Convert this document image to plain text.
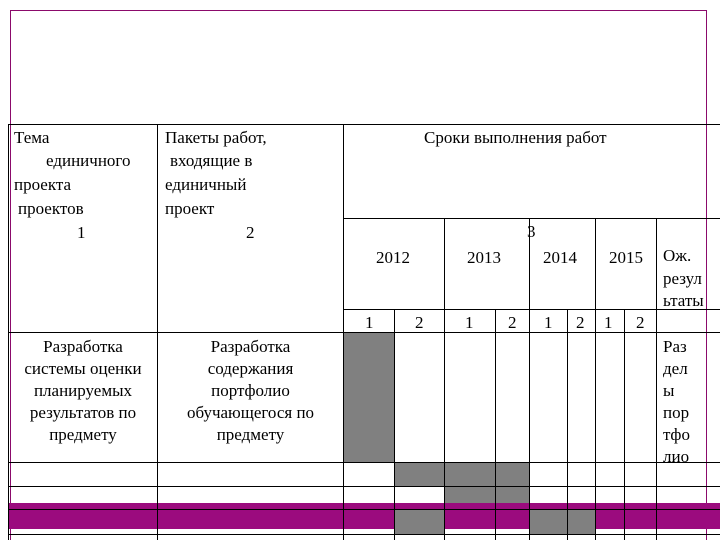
Тема
единичного
проекта
проектов
1
Пакеты работ,
входящие в
единичный
проект
2
Сроки выполнения работ
3
2012	2013 2014 2015 Ож.
резул
ьтаты
1 2 1 2 1 2 1 2
Разработка
системы оценки
планируемых
результатов по
предмету
Разработка
содержания
портфолио
обучающегося по
предмету
Раз
дел
ы
пор
тфо
лио
